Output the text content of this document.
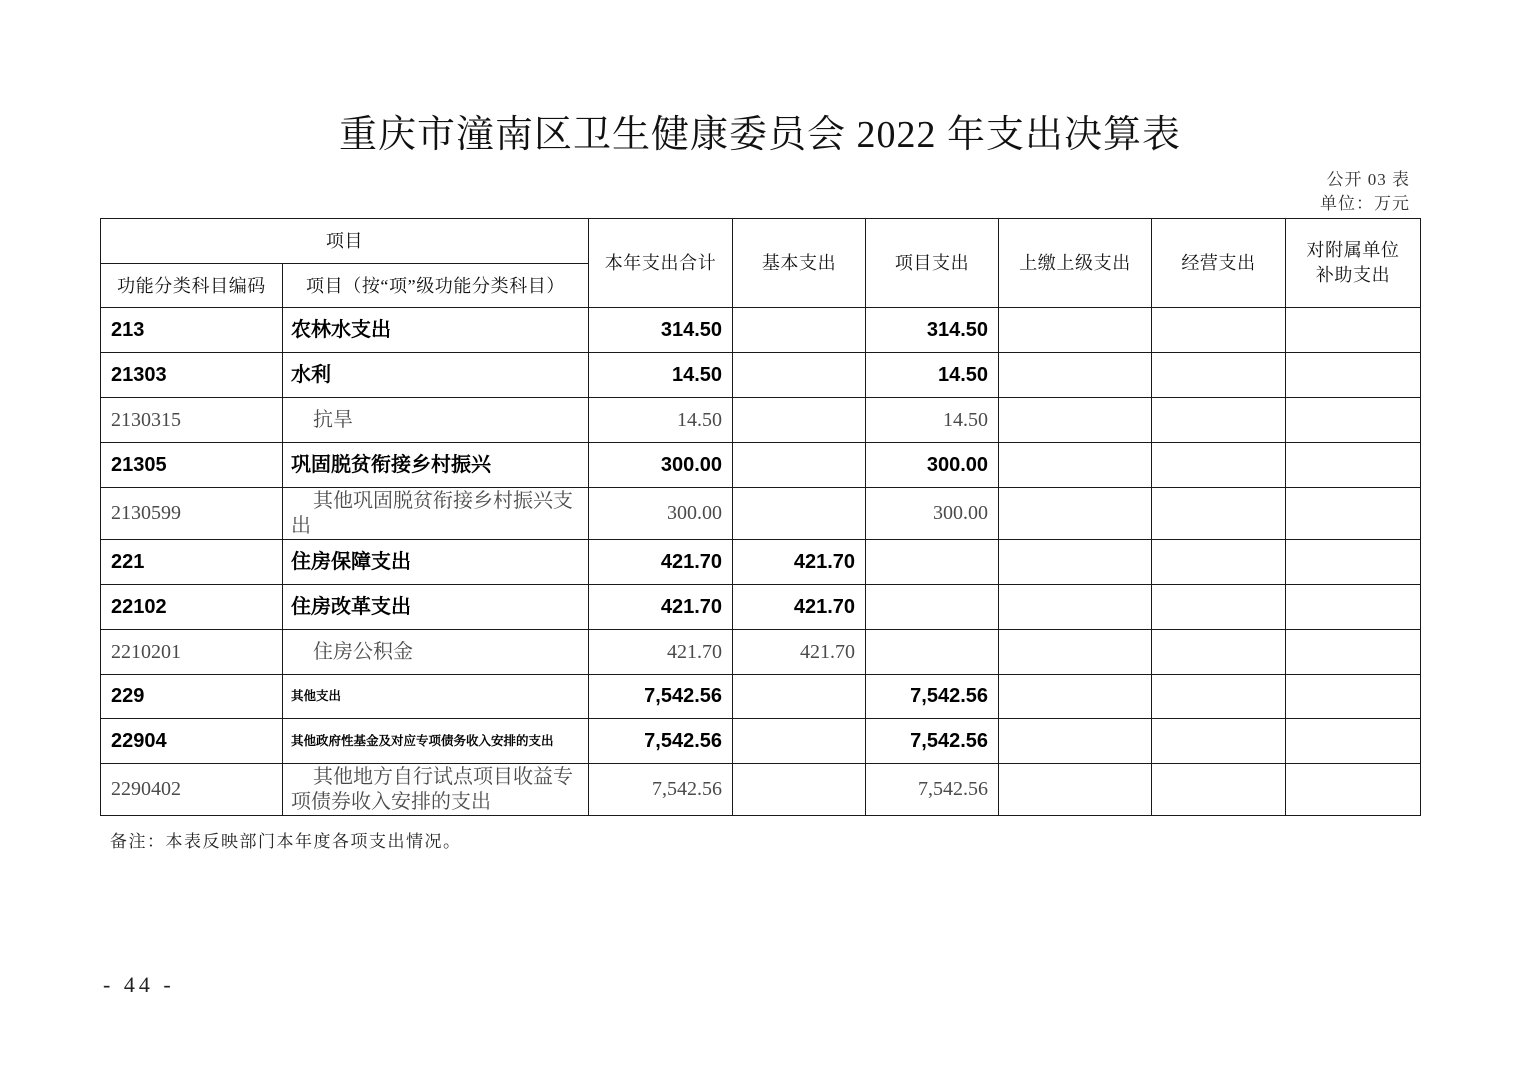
重庆市潼南区卫生健康委员会 2022 年支出决算表
公开 03 表
单位：万元
项目		本年支出合计	基本支出	项目支出	上缴上级支出	经营支出	对附属单位
补助支出

功能分类科目编码	项目（按“项”级功能分类科目）						
213	农林水支出	314.50		314.50			
21303	水利	14.50		14.50			
2130315	抗旱	14.50		14.50			
21305	巩固脱贫衔接乡村振兴	300.00		300.00			
2130599	其他巩固脱贫衔接乡村振兴支出	300.00		300.00			
221	住房保障支出	421.70	421.70				
22102	住房改革支出	421.70	421.70				
2210201	住房公积金	421.70	421.70				
229	其他支出	7,542.56		7,542.56			
22904	其他政府性基金及对应专项债务收入安排的支出	7,542.56		7,542.56			
2290402	其他地方自行试点项目收益专项债券收入安排的支出	7,542.56		7,542.56			
备注：本表反映部门本年度各项支出情况。
- 44 -
